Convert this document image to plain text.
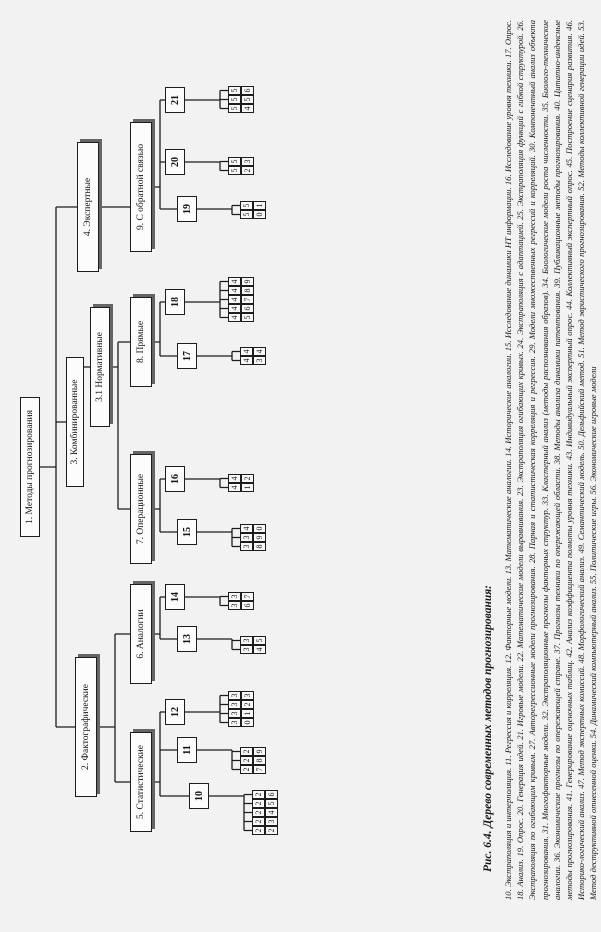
1. Методы прогнозирования
2. Фактографические
3. Комбинированные
3.1 Нормативные
4. Экспертные
5. Статистические
6. Аналогии
7. Операционные
8. Прямые
9. С обратной связью
10
11
12
13
14
15
16
17
18
19
20
21
2 2
2 3
2 4
2 5
2 6
2 7
2 8
2 9
3 0
3 1
3 2
3 3
3 4
3 5
3 6
3 7
3 8
3 9
4 0
4 1
4 2
4 3
4 4
4 5
4 6
4 7
4 8
4 9
5 0
5 1
5 2
5 3
5 4
5 5
5 6
Рис. 6.4. Дерево современных методов прогнозирования: 10. Экстраполяция и интерполяция. 11. Регрессия и корреляция. 12. Факторные модели. 13. Математические аналогии. 14. Исторические аналогии. 15. Исследование динамики НТ информации. 16. Исследование уровня техники. 17. Опрос. 18. Анализ. 19. Опрос. 20. Генерация идей. 21. Игровые модели. 22. Математические модели выравнивания. 23. Экстраполяция огибающих кривых. 24. Экстраполяция с адаптацией. 25. Экстраполяция функций с гибкой структурой. 26. Экстраполяция по огибающим кривым. 27. Авторегрессионные модели прогнозирования. 28. Парная и статистическая корреляция и регрессия. 29. Модели множественных регрессий и корреляций. 30. Компонентный анализ объекта прогнозирования. 31. Многофакторные модели. 32. Экстраполяционные прогнозы факторных структур. 33. Кластерный анализ (методы распознавания образов). 34. Биологические модели роста численности. 35. Биолого-технические аналогии. 36. Экономические прогнозы по опережающей стране. 37. Прогнозы техники по опережающей области. 38. Методы анализа динамики патентования. 39. Публикационные методы прогнозирования. 40. Цитатно-индексные методы прогнозирования. 41. Генерирование оценочных таблиц. 42. Анализ коэффициента полноты уровня техники. 43. Индивидуальный экспертный опрос. 44. Коллективный экспертный опрос. 45. Построение сценария развития. 46. Историко-логический анализ. 47. Метод экспертных комиссий. 48. Морфологический анализ. 49. Семантический модель. 50. Дельфийский метод. 51. Метод эвристического прогнозирования. 52. Методы коллективной генерации идей. 53. Метод деструктивной отнесенной оценки. 54. Динамический компьютерный анализ. 55. Политические игры. 56. Экономические игровые модели
